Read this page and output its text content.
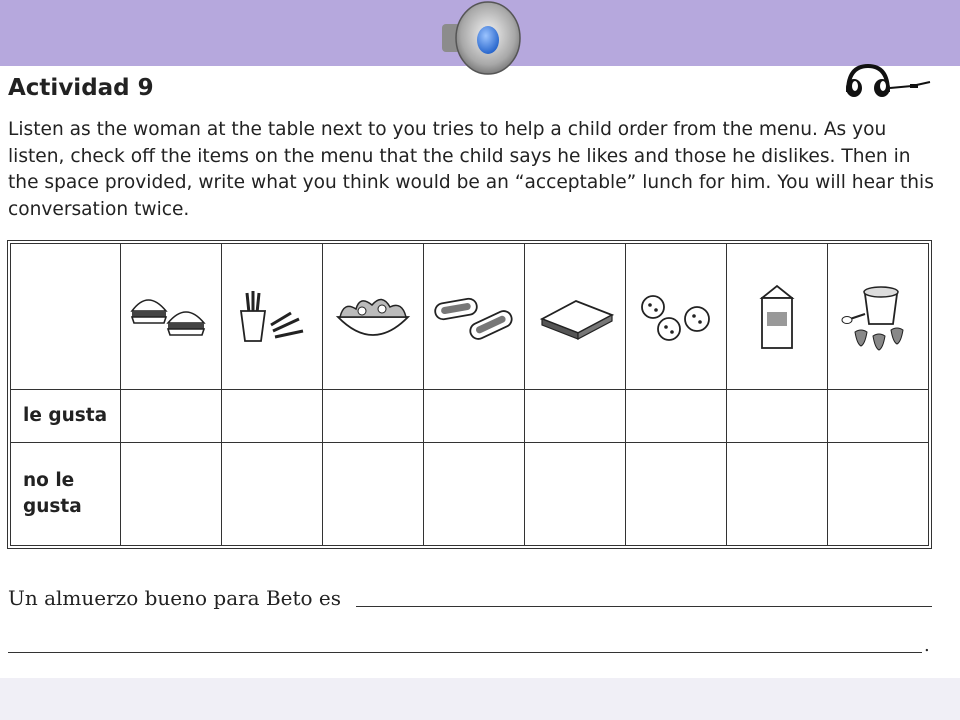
Actividad 9

Listen as the woman at the table next to you tries to help a child order from the menu. As you listen, check off the items on the menu that the child says he likes and those he dislikes. Then in the space provided, write what you think would be an “acceptable” lunch for him. You will hear this conversation twice.

le gusta								
no le
gusta								
Un almuerzo bueno para Beto es
.
